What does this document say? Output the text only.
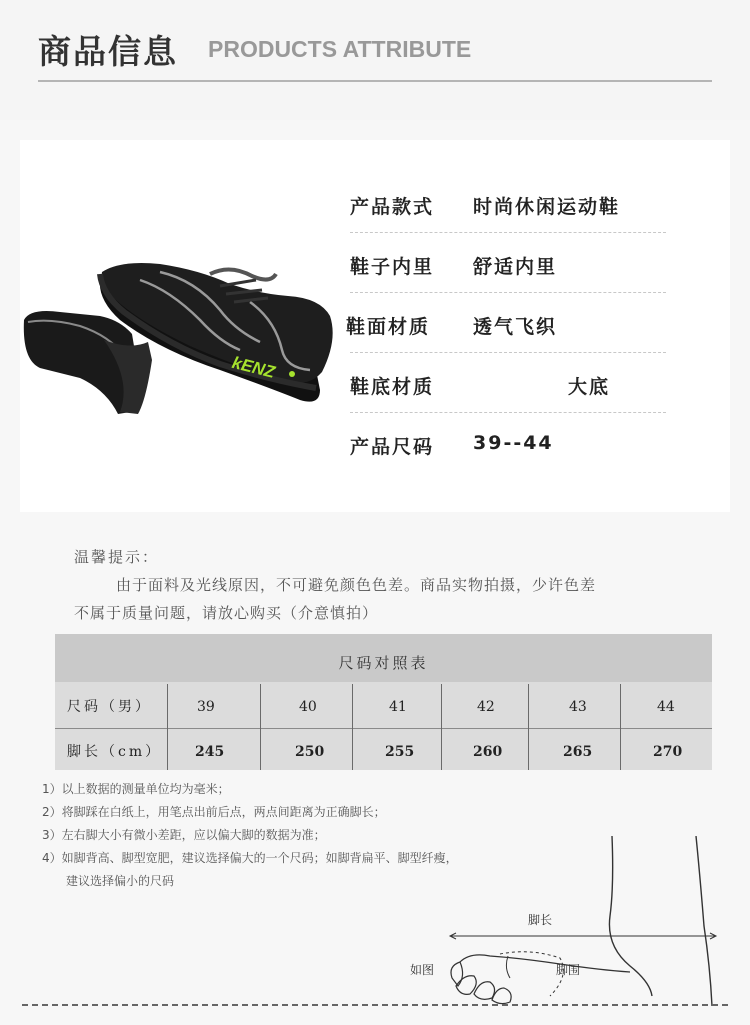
商品信息 PRODUCTS ATTRIBUTE
kENZ
产品款式 时尚休闲运动鞋
鞋子内里 舒适内里
鞋面材质 透气飞织
鞋底材质	大底
产品尺码 39--44
温馨提示：
由于面料及光线原因，不可避免颜色色差。商品实物拍摄，少许色差
不属于质量问题，请放心购买（介意慎拍）
尺码对照表
尺码（男）	39	40	41	42	43	44
脚长（cm） 245	250	255	260	265	270
1）以上数据的测量单位均为毫米；
2）将脚踩在白纸上，用笔点出前后点，两点间距离为正确脚长；
3）左右脚大小有微小差距，应以偏大脚的数据为准；
4）如脚背高、脚型宽肥，建议选择偏大的一个尺码；如脚背扁平、脚型纤瘦，
建议选择偏小的尺码
脚长
脚围
如图
